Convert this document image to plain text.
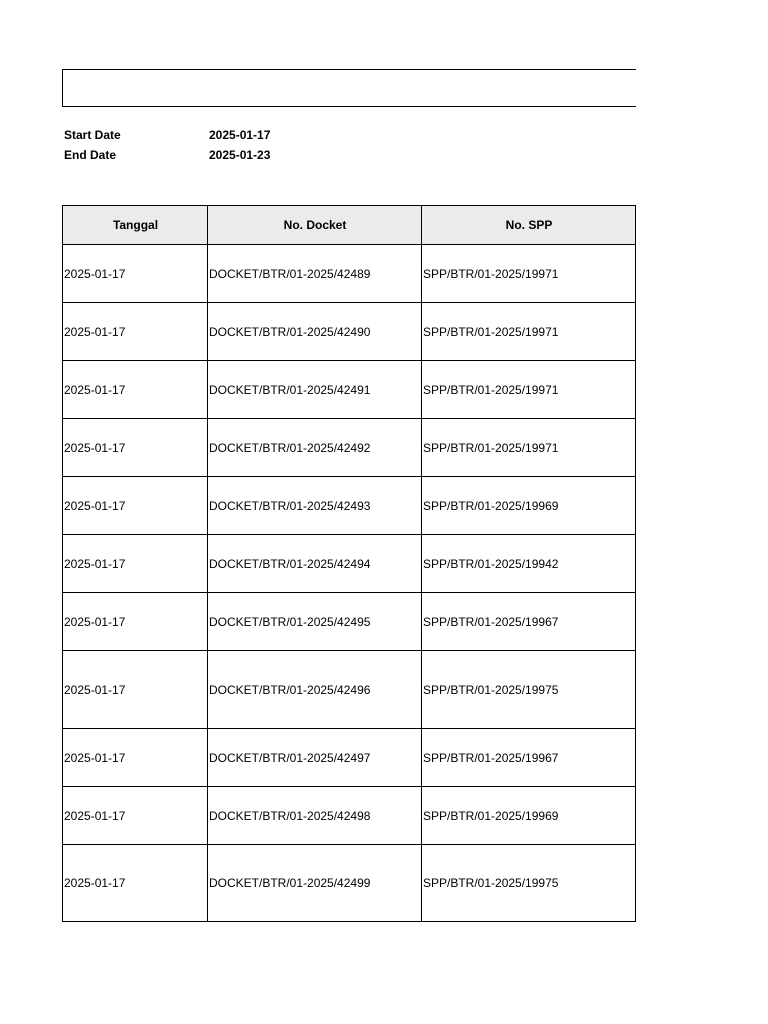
Start Date	2025-01-17
End Date	2025-01-23
Tanggal	No. Docket	No. SPP
2025-01-17	DOCKET/BTR/01-2025/42489	SPP/BTR/01-2025/19971
2025-01-17	DOCKET/BTR/01-2025/42490	SPP/BTR/01-2025/19971
2025-01-17	DOCKET/BTR/01-2025/42491	SPP/BTR/01-2025/19971
2025-01-17	DOCKET/BTR/01-2025/42492	SPP/BTR/01-2025/19971
2025-01-17	DOCKET/BTR/01-2025/42493	SPP/BTR/01-2025/19969
2025-01-17	DOCKET/BTR/01-2025/42494	SPP/BTR/01-2025/19942
2025-01-17	DOCKET/BTR/01-2025/42495	SPP/BTR/01-2025/19967
2025-01-17	DOCKET/BTR/01-2025/42496	SPP/BTR/01-2025/19975
2025-01-17	DOCKET/BTR/01-2025/42497	SPP/BTR/01-2025/19967
2025-01-17	DOCKET/BTR/01-2025/42498	SPP/BTR/01-2025/19969
2025-01-17	DOCKET/BTR/01-2025/42499	SPP/BTR/01-2025/19975
